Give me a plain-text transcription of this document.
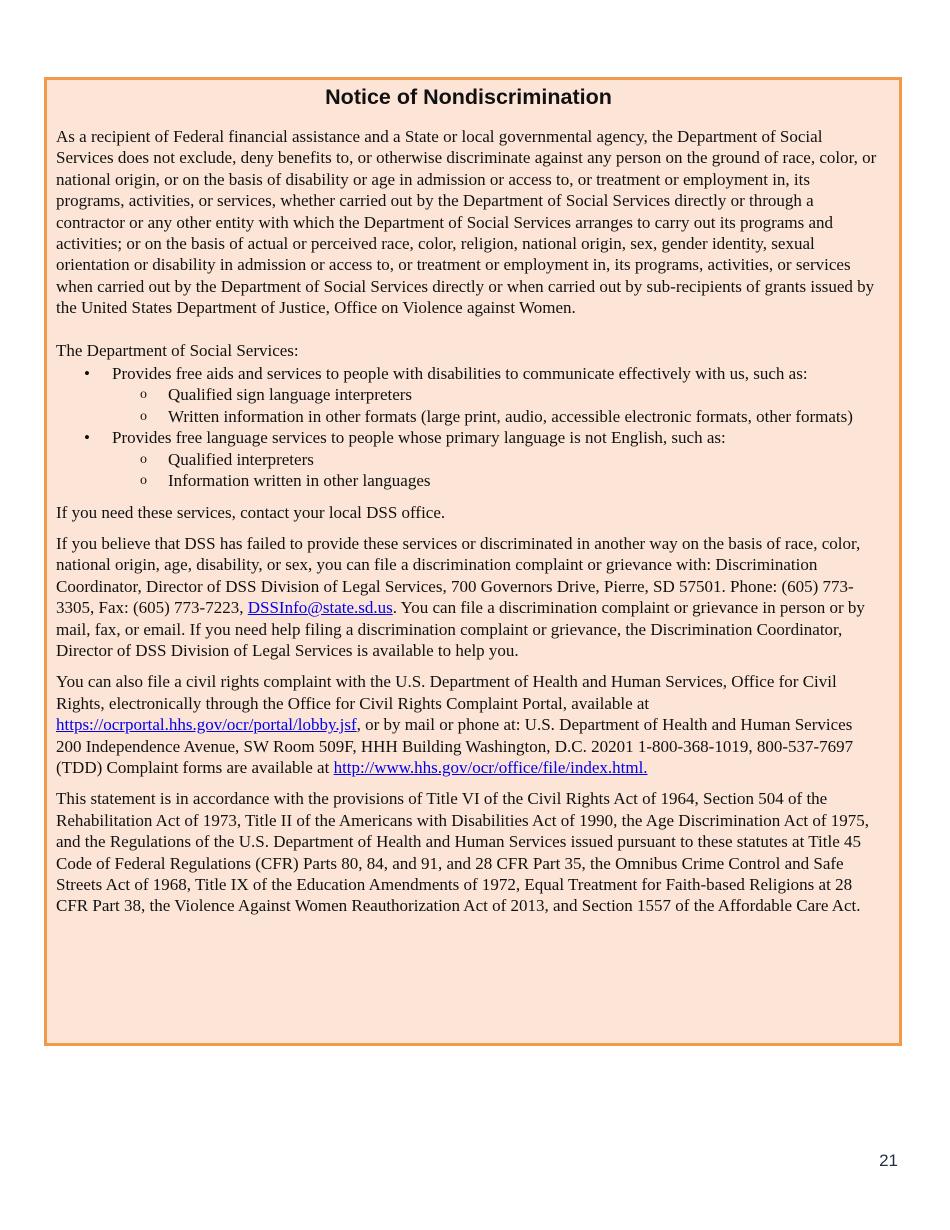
Notice of Nondiscrimination

As a recipient of Federal financial assistance and a State or local governmental agency, the Department of Social Services does not exclude, deny benefits to, or otherwise discriminate against any person on the ground of race, color, or national origin, or on the basis of disability or age in admission or access to, or treatment or employment in, its programs, activities, or services, whether carried out by the Department of Social Services directly or through a contractor or any other entity with which the Department of Social Services arranges to carry out its programs and activities; or on the basis of actual or perceived race, color, religion, national origin, sex, gender identity, sexual orientation or disability in admission or access to, or treatment or employment in, its programs, activities, or services when carried out by the Department of Social Services directly or when carried out by sub-recipients of grants issued by the United States Department of Justice, Office on Violence against Women.

The Department of Social Services:

• Provides free aids and services to people with disabilities to communicate effectively with us, such as:
o Qualified sign language interpreters
o Written information in other formats (large print, audio, accessible electronic formats, other formats)
• Provides free language services to people whose primary language is not English, such as:
o Qualified interpreters
o Information written in other languages

If you need these services, contact your local DSS office.

If you believe that DSS has failed to provide these services or discriminated in another way on the basis of race, color, national origin, age, disability, or sex, you can file a discrimination complaint or grievance with: Discrimination Coordinator, Director of DSS Division of Legal Services, 700 Governors Drive, Pierre, SD 57501. Phone: (605) 773-3305, Fax: (605) 773-7223, DSSInfo@state.sd.us. You can file a discrimination complaint or grievance in person or by mail, fax, or email. If you need help filing a discrimination complaint or grievance, the Discrimination Coordinator, Director of DSS Division of Legal Services is available to help you.

You can also file a civil rights complaint with the U.S. Department of Health and Human Services, Office for Civil Rights, electronically through the Office for Civil Rights Complaint Portal, available at https://ocrportal.hhs.gov/ocr/portal/lobby.jsf, or by mail or phone at: U.S. Department of Health and Human Services 200 Independence Avenue, SW Room 509F, HHH Building Washington, D.C. 20201 1-800-368-1019, 800-537-7697 (TDD) Complaint forms are available at http://www.hhs.gov/ocr/office/file/index.html.

This statement is in accordance with the provisions of Title VI of the Civil Rights Act of 1964, Section 504 of the Rehabilitation Act of 1973, Title II of the Americans with Disabilities Act of 1990, the Age Discrimination Act of 1975, and the Regulations of the U.S. Department of Health and Human Services issued pursuant to these statutes at Title 45 Code of Federal Regulations (CFR) Parts 80, 84, and 91, and 28 CFR Part 35, the Omnibus Crime Control and Safe Streets Act of 1968, Title IX of the Education Amendments of 1972, Equal Treatment for Faith-based Religions at 28 CFR Part 38, the Violence Against Women Reauthorization Act of 2013, and Section 1557 of the Affordable Care Act.

21
